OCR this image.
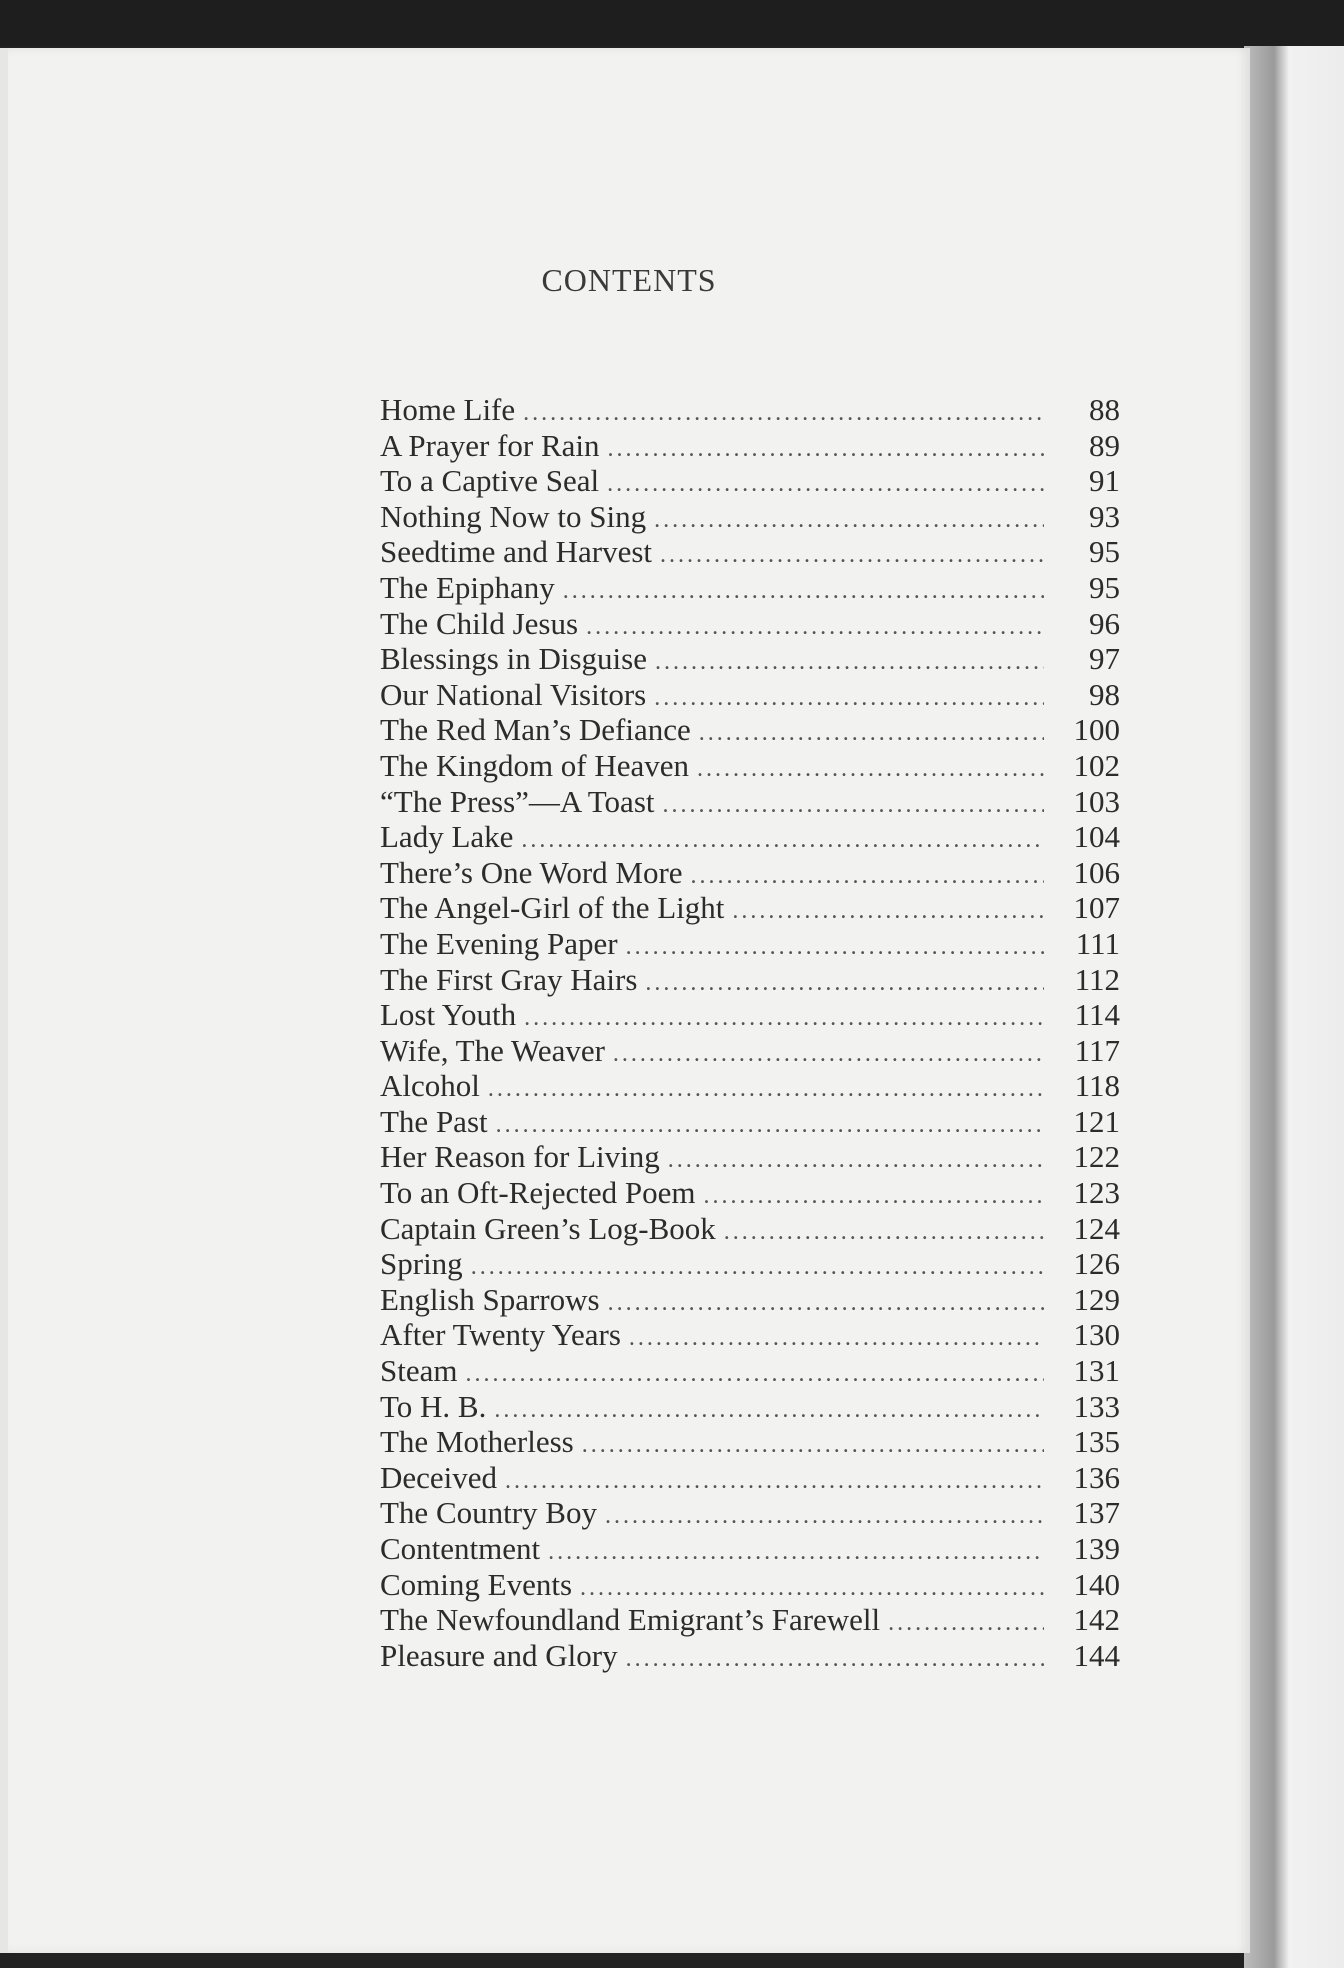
CONTENTS
Home Life .....	88
A Prayer for Rain .....	89
To a Captive Seal .....	91
Nothing Now to Sing .....	93
Seedtime and Harvest .....	95
The Epiphany .....	95
The Child Jesus .....	96
Blessings in Disguise .....	97
Our National Visitors .....	98
The Red Man’s Defiance .....	100
The Kingdom of Heaven .....	102
“The Press”—A Toast .....	103
Lady Lake .....	104
There’s One Word More .....	106
The Angel-Girl of the Light .....	107
The Evening Paper .....	111
The First Gray Hairs .....	112
Lost Youth .....	114
Wife, The Weaver .....	117
Alcohol .....	118
The Past .....	121
Her Reason for Living .....	122
To an Oft-Rejected Poem .....	123
Captain Green’s Log-Book .....	124
Spring .....	126
English Sparrows .....	129
After Twenty Years .....	130
Steam .....	131
To H. B. .....	133
The Motherless .....	135
Deceived .....	136
The Country Boy .....	137
Contentment .....	139
Coming Events .....	140
The Newfoundland Emigrant’s Farewell .....	142
Pleasure and Glory .....	144
